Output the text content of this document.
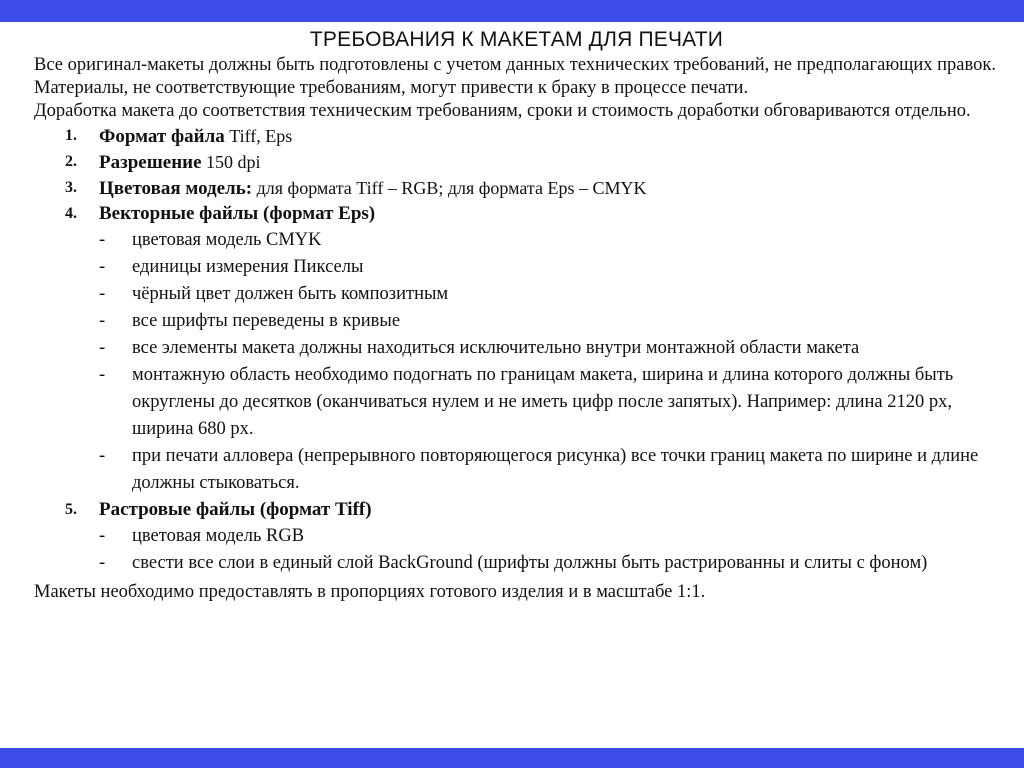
ТРЕБОВАНИЯ К МАКЕТАМ ДЛЯ ПЕЧАТИ

Все оригинал-макеты должны быть подготовлены с учетом данных технических требований, не предполагающих правок. Материалы, не соответствующие требованиям, могут привести к браку в процессе печати.

Доработка макета до соответствия техническим требованиям, сроки и стоимость доработки обговариваются отдельно.

1. Формат файла Tiff, Eps
2. Разрешение 150 dpi
3. Цветовая модель: для формата Tiff – RGB; для формата Eps – CMYK
4. Векторные файлы (формат Eps)
- цветовая модель CMYK
- единицы измерения Пикселы
- чёрный цвет должен быть композитным
- все шрифты переведены в кривые
- все элементы макета должны находиться исключительно внутри монтажной области макета
- монтажную область необходимо подогнать по границам макета, ширина и длина которого должны быть округлены до десятков (оканчиваться нулем и не иметь цифр после запятых). Например: длина 2120 px, ширина 680 px.
- при печати алловера (непрерывного повторяющегося рисунка) все точки границ макета по ширине и длине должны стыковаться.
5. Растровые файлы (формат Tiff)
- цветовая модель RGB
- свести все слои в единый слой BackGround (шрифты должны быть растрированны и слиты с фоном)

Макеты необходимо предоставлять в пропорциях готового изделия и в масштабе 1:1.
